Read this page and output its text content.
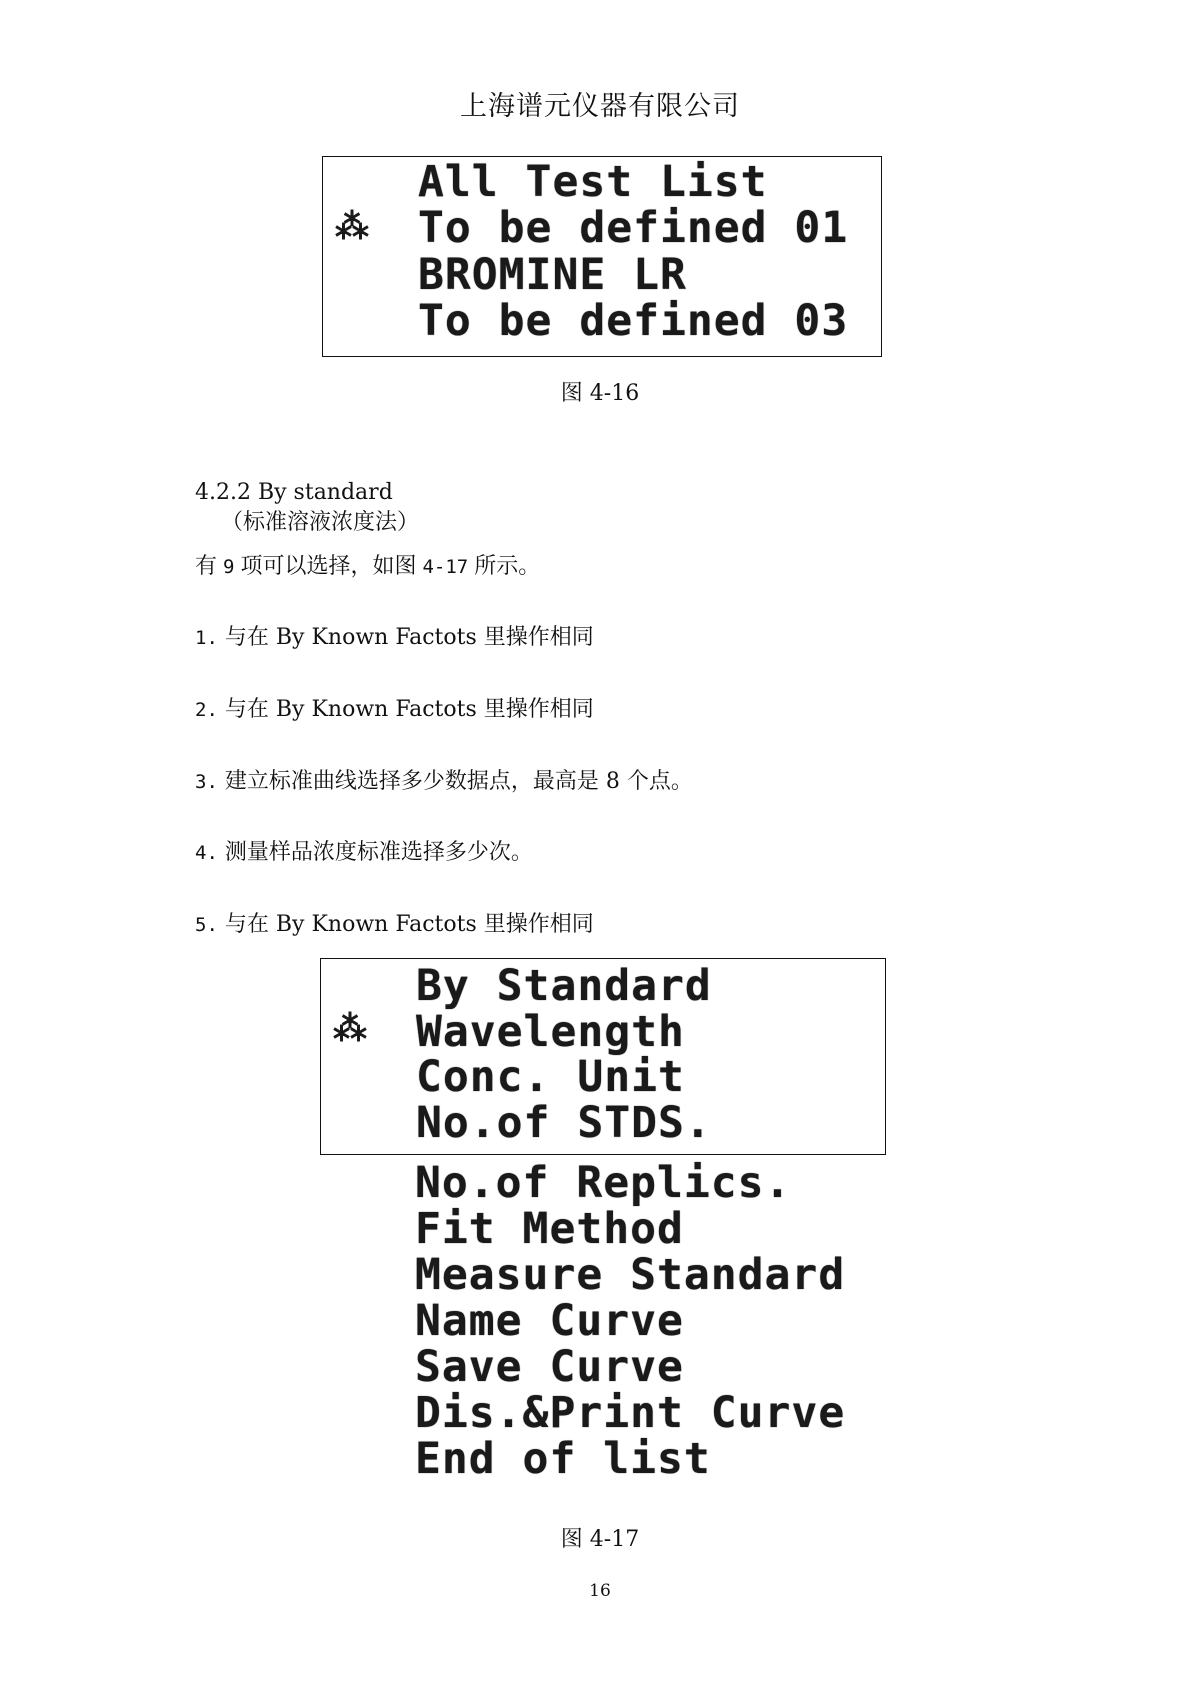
上海谱元仪器有限公司
⁂
All Test List
To be defined 01
BROMINE LR
To be defined 03
图 4-16

4.2.2 By standard
（标准溶液浓度法）

有 9 项可以选择，如图 4-17 所示。

1. 与在 By Known Factots 里操作相同

2. 与在 By Known Factots 里操作相同

3. 建立标准曲线选择多少数据点，最高是 8 个点。

4. 测量样品浓度标准选择多少次。

5. 与在 By Known Factots 里操作相同

⁂
By Standard
Wavelength
Conc. Unit
No.of STDS.
No.of Replics.
Fit Method
Measure Standard
Name Curve
Save Curve
Dis.&Print Curve
End of list
图 4-17
16
